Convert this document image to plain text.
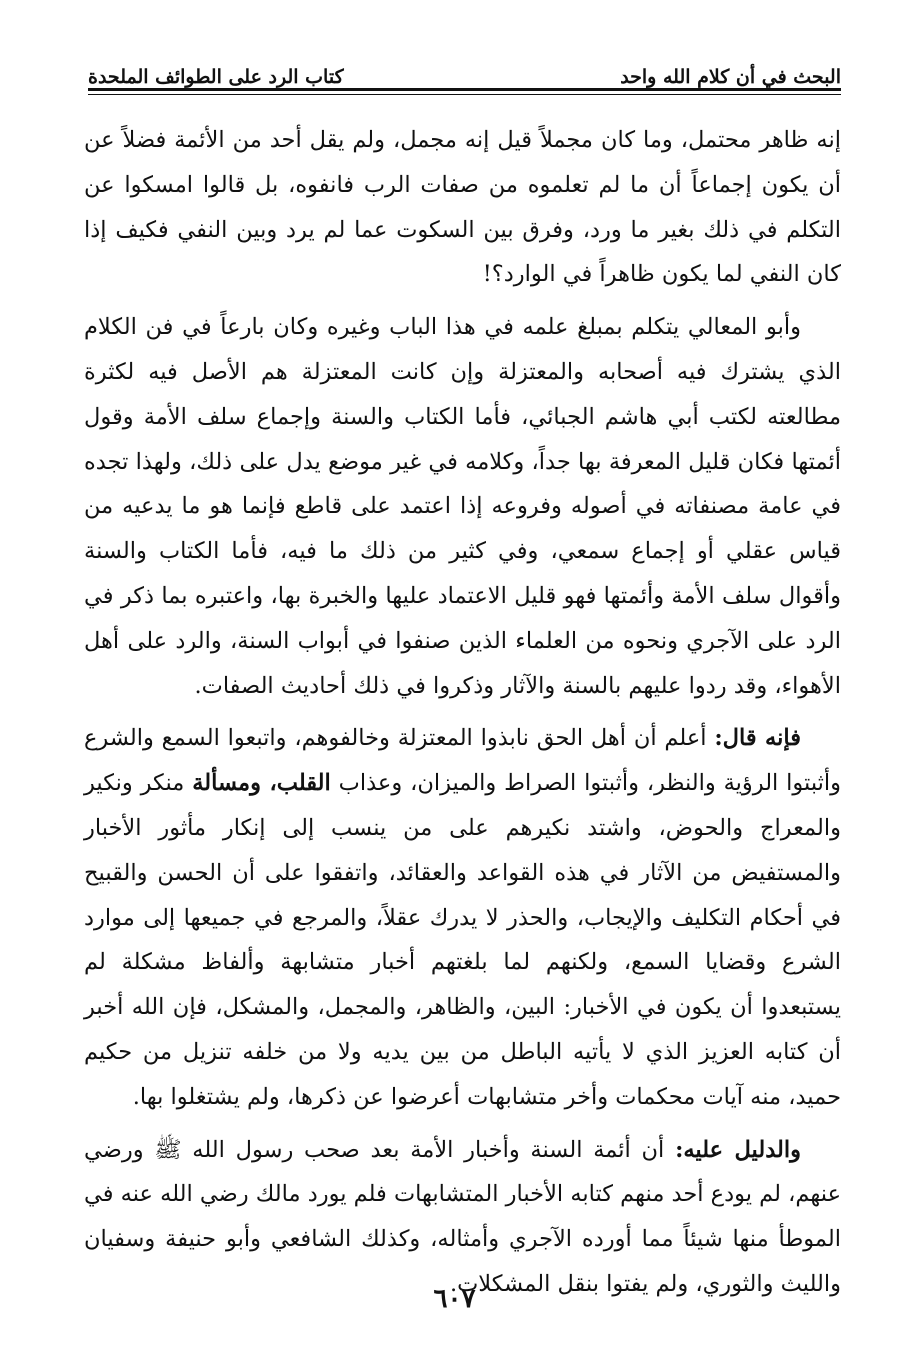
البحث في أن كلام الله واحد
كتاب الرد على الطوائف الملحدة

إنه ظاهر محتمل، وما كان مجملاً قيل إنه مجمل، ولم يقل أحد من الأئمة فضلاً عن أن يكون إجماعاً أن ما لم تعلموه من صفات الرب فانفوه، بل قالوا امسكوا عن التكلم في ذلك بغير ما ورد، وفرق بين السكوت عما لم يرد وبين النفي فكيف إذا كان النفي لما يكون ظاهراً في الوارد؟!

وأبو المعالي يتكلم بمبلغ علمه في هذا الباب وغيره وكان بارعاً في فن الكلام الذي يشترك فيه أصحابه والمعتزلة وإن كانت المعتزلة هم الأصل فيه لكثرة مطالعته لكتب أبي هاشم الجبائي، فأما الكتاب والسنة وإجماع سلف الأمة وقول أئمتها فكان قليل المعرفة بها جداً، وكلامه في غير موضع يدل على ذلك، ولهذا تجده في عامة مصنفاته في أصوله وفروعه إذا اعتمد على قاطع فإنما هو ما يدعيه من قياس عقلي أو إجماع سمعي، وفي كثير من ذلك ما فيه، فأما الكتاب والسنة وأقوال سلف الأمة وأئمتها فهو قليل الاعتماد عليها والخبرة بها، واعتبره بما ذكر في الرد على الآجري ونحوه من العلماء الذين صنفوا في أبواب السنة، والرد على أهل الأهواء، وقد ردوا عليهم بالسنة والآثار وذكروا في ذلك أحاديث الصفات.

فإنه قال: أعلم أن أهل الحق نابذوا المعتزلة وخالفوهم، واتبعوا السمع والشرع وأثبتوا الرؤية والنظر، وأثبتوا الصراط والميزان، وعذاب القلب، ومسألة منكر ونكير والمعراج والحوض، واشتد نكيرهم على من ينسب إلى إنكار مأثور الأخبار والمستفيض من الآثار في هذه القواعد والعقائد، واتفقوا على أن الحسن والقبيح في أحكام التكليف والإيجاب، والحذر لا يدرك عقلاً، والمرجع في جميعها إلى موارد الشرع وقضايا السمع، ولكنهم لما بلغتهم أخبار متشابهة وألفاظ مشكلة لم يستبعدوا أن يكون في الأخبار: البين، والظاهر، والمجمل، والمشكل، فإن الله أخبر أن كتابه العزيز الذي لا يأتيه الباطل من بين يديه ولا من خلفه تنزيل من حكيم حميد، منه آيات محكمات وأخر متشابهات أعرضوا عن ذكرها، ولم يشتغلوا بها.

والدليل عليه: أن أئمة السنة وأخبار الأمة بعد صحب رسول الله ﷺ ورضي عنهم، لم يودع أحد منهم كتابه الأخبار المتشابهات فلم يورد مالك رضي الله عنه في الموطأ منها شيئاً مما أورده الآجري وأمثاله، وكذلك الشافعي وأبو حنيفة وسفيان والليث والثوري، ولم يفتوا بنقل المشكلات.

٦٠٧
